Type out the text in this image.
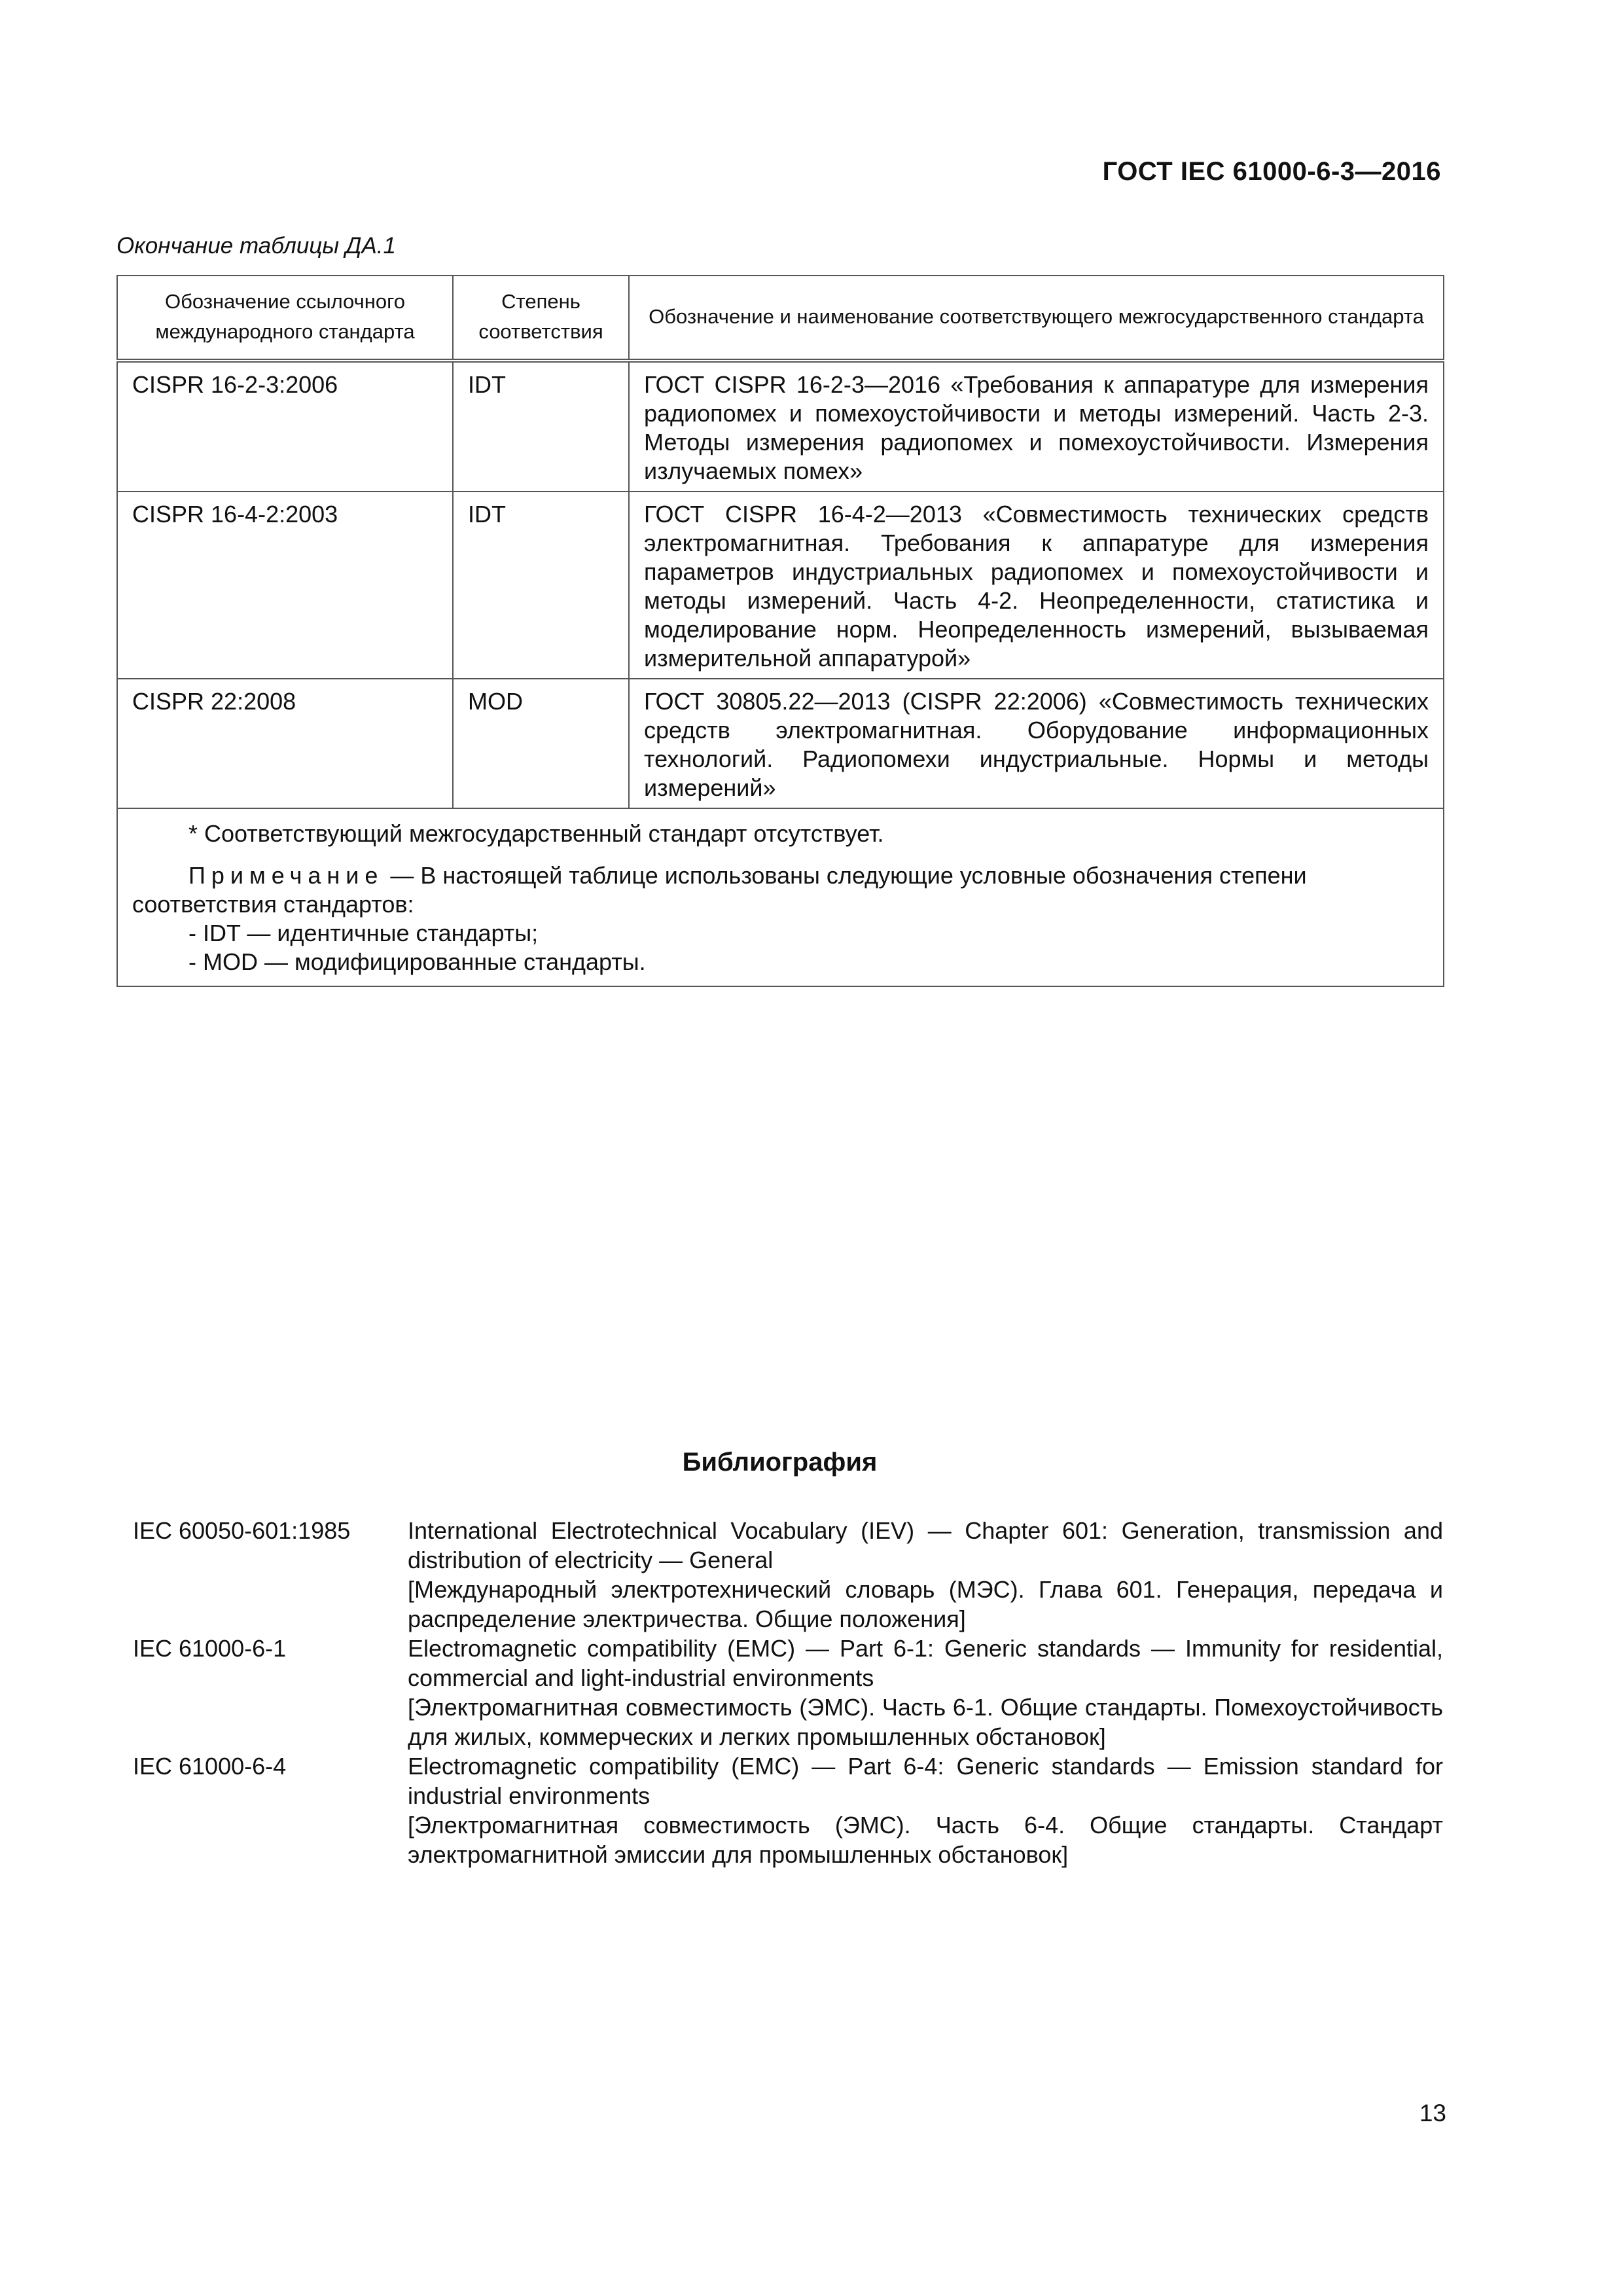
ГОСТ IEC 61000-6-3—2016
Окончание таблицы ДА.1
Обозначение ссылочного международного стандарта	Степень соответствия	Обозначение и наименование соответствующего межгосударственного стандарта
CISPR 16-2-3:2006	IDT	ГОСТ CISPR 16-2-3—2016 «Требования к аппаратуре для измерения радиопомех и помехоустойчивости и методы измерений. Часть 2-3. Методы измерения радиопомех и помехоустойчивости. Измерения излучаемых помех»
CISPR 16-4-2:2003	IDT	ГОСТ CISPR 16-4-2—2013 «Совместимость технических средств электромагнитная. Требования к аппаратуре для измерения параметров индустриальных радиопомех и помехоустойчивости и методы измерений. Часть 4-2. Неопределенности, статистика и моделирование норм. Неопределенность измерений, вызываемая измерительной аппаратурой»
CISPR 22:2008	MOD	ГОСТ 30805.22—2013 (CISPR 22:2006) «Совместимость технических средств электромагнитная. Оборудование информационных технологий. Радиопомехи индустриальные. Нормы и методы измерений»

* Соответствующий межгосударственный стандарт отсутствует.
Примечание — В настоящей таблице использованы следующие условные обозначения степени соответствия стандартов:
- IDT — идентичные стандарты;
- MOD — модифицированные стандарты.		
Библиография
IEC 60050-601:1985	International Electrotechnical Vocabulary (IEV) — Chapter 601: Generation, transmission and distribution of electricity — General
[Международный электротехнический словарь (МЭС). Глава 601. Генерация, передача и распределение электричества. Общие положения]
IEC 61000-6-1	Electromagnetic compatibility (EMC) — Part 6-1: Generic standards — Immunity for residential, commercial and light-industrial environments
[Электромагнитная совместимость (ЭМС). Часть 6-1. Общие стандарты. Помехоустойчивость для жилых, коммерческих и легких промышленных обстановок]
IEC 61000-6-4	Electromagnetic compatibility (EMC) — Part 6-4: Generic standards — Emission standard for industrial environments
[Электромагнитная совместимость (ЭМС). Часть 6-4. Общие стандарты. Стандарт электромагнитной эмиссии для промышленных обстановок]
13
